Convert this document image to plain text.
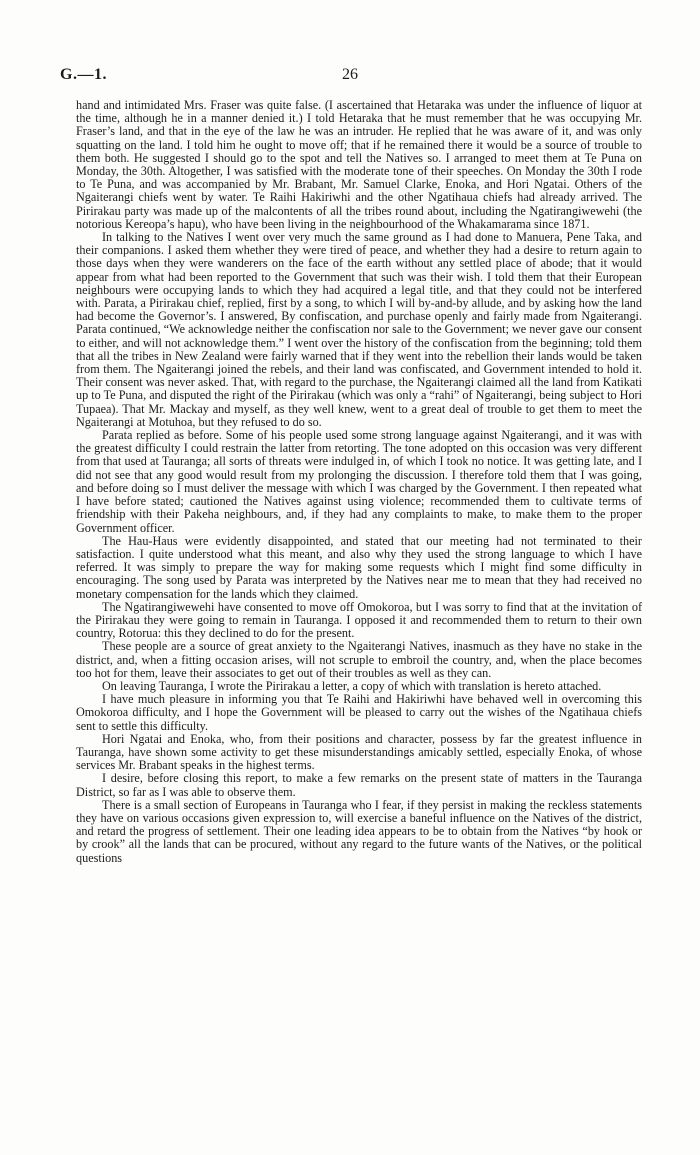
G.—1.	26

hand and intimidated Mrs. Fraser was quite false. (I ascertained that Hetaraka was under the influence of liquor at the time, although he in a manner denied it.) I told Hetaraka that he must remember that he was occupying Mr. Fraser’s land, and that in the eye of the law he was an intruder. He replied that he was aware of it, and was only squatting on the land. I told him he ought to move off; that if he remained there it would be a source of trouble to them both. He suggested I should go to the spot and tell the Natives so. I arranged to meet them at Te Puna on Monday, the 30th. Altogether, I was satisfied with the moderate tone of their speeches. On Monday the 30th I rode to Te Puna, and was accompanied by Mr. Brabant, Mr. Samuel Clarke, Enoka, and Hori Ngatai. Others of the Ngaiterangi chiefs went by water. Te Raihi Hakiriwhi and the other Ngatihaua chiefs had already arrived. The Pirirakau party was made up of the malcontents of all the tribes round about, including the Ngatirangiwewehi (the notorious Kereopa’s hapu), who have been living in the neighbourhood of the Whakamarama since 1871.

In talking to the Natives I went over very much the same ground as I had done to Manuera, Pene Taka, and their companions. I asked them whether they were tired of peace, and whether they had a desire to return again to those days when they were wanderers on the face of the earth without any settled place of abode; that it would appear from what had been reported to the Government that such was their wish. I told them that their European neighbours were occupying lands to which they had acquired a legal title, and that they could not be interfered with. Parata, a Pirirakau chief, replied, first by a song, to which I will by-and-by allude, and by asking how the land had become the Governor’s. I answered, By confiscation, and purchase openly and fairly made from Ngaiterangi. Parata continued, “We acknowledge neither the confiscation nor sale to the Government; we never gave our consent to either, and will not acknowledge them.” I went over the history of the confiscation from the beginning; told them that all the tribes in New Zealand were fairly warned that if they went into the rebellion their lands would be taken from them. The Ngaiterangi joined the rebels, and their land was confiscated, and Government intended to hold it. Their consent was never asked. That, with regard to the purchase, the Ngaiterangi claimed all the land from Katikati up to Te Puna, and disputed the right of the Pirirakau (which was only a “rahi” of Ngaiterangi, being subject to Hori Tupaea). That Mr. Mackay and myself, as they well knew, went to a great deal of trouble to get them to meet the Ngaiterangi at Motuhoa, but they refused to do so.

Parata replied as before. Some of his people used some strong language against Ngaiterangi, and it was with the greatest difficulty I could restrain the latter from retorting. The tone adopted on this occasion was very different from that used at Tauranga; all sorts of threats were indulged in, of which I took no notice. It was getting late, and I did not see that any good would result from my prolonging the discussion. I therefore told them that I was going, and before doing so I must deliver the message with which I was charged by the Government. I then repeated what I have before stated; cautioned the Natives against using violence; recommended them to cultivate terms of friendship with their Pakeha neighbours, and, if they had any complaints to make, to make them to the proper Government officer.

The Hau-Haus were evidently disappointed, and stated that our meeting had not terminated to their satisfaction. I quite understood what this meant, and also why they used the strong language to which I have referred. It was simply to prepare the way for making some requests which I might find some difficulty in encouraging. The song used by Parata was interpreted by the Natives near me to mean that they had received no monetary compensation for the lands which they claimed.

The Ngatirangiwewehi have consented to move off Omokoroa, but I was sorry to find that at the invitation of the Pirirakau they were going to remain in Tauranga. I opposed it and recommended them to return to their own country, Rotorua: this they declined to do for the present.

These people are a source of great anxiety to the Ngaiterangi Natives, inasmuch as they have no stake in the district, and, when a fitting occasion arises, will not scruple to embroil the country, and, when the place becomes too hot for them, leave their associates to get out of their troubles as well as they can.

On leaving Tauranga, I wrote the Pirirakau a letter, a copy of which with translation is hereto attached.

I have much pleasure in informing you that Te Raihi and Hakiriwhi have behaved well in overcoming this Omokoroa difficulty, and I hope the Government will be pleased to carry out the wishes of the Ngatihaua chiefs sent to settle this difficulty.

Hori Ngatai and Enoka, who, from their positions and character, possess by far the greatest influence in Tauranga, have shown some activity to get these misunderstandings amicably settled, especially Enoka, of whose services Mr. Brabant speaks in the highest terms.

I desire, before closing this report, to make a few remarks on the present state of matters in the Tauranga District, so far as I was able to observe them.

There is a small section of Europeans in Tauranga who I fear, if they persist in making the reckless statements they have on various occasions given expression to, will exercise a baneful influence on the Natives of the district, and retard the progress of settlement. Their one leading idea appears to be to obtain from the Natives “by hook or by crook” all the lands that can be procured, without any regard to the future wants of the Natives, or the political questions
